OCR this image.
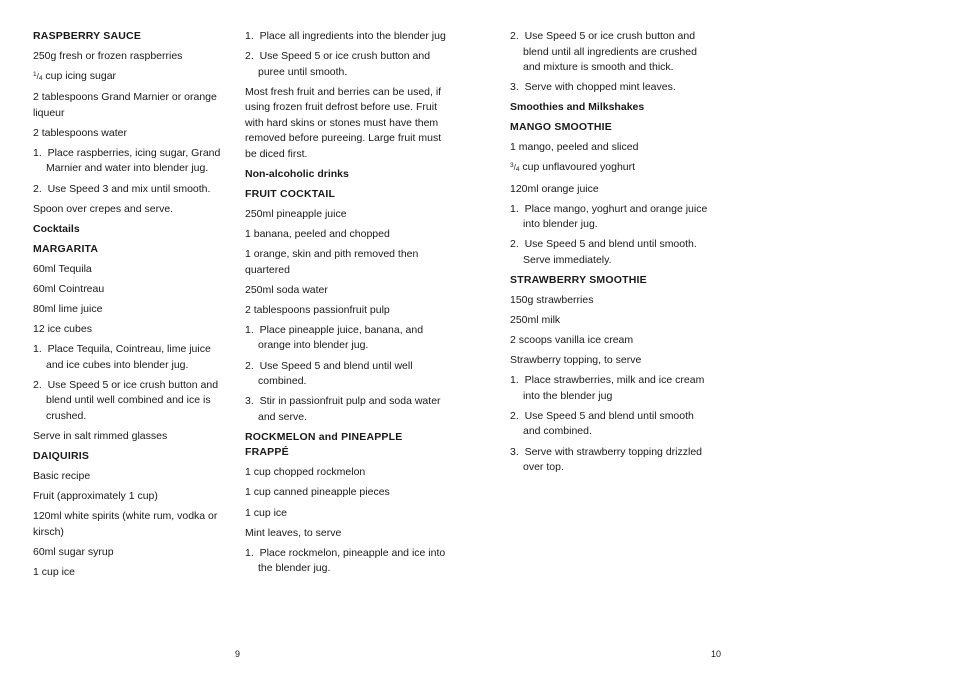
RASPBERRY SAUCE
250g fresh or frozen raspberries
1/4 cup icing sugar
2 tablespoons Grand Marnier or orange liqueur
2 tablespoons water
1.  Place raspberries, icing sugar, Grand Marnier and water into blender jug.
2.  Use Speed 3 and mix until smooth.
Spoon over crepes and serve.
Cocktails
MARGARITA
60ml Tequila
60ml Cointreau
80ml lime juice
12 ice cubes
1.  Place Tequila, Cointreau, lime juice and ice cubes into blender jug.
2.  Use Speed 5 or ice crush button and blend until well combined and ice is crushed.
Serve in salt rimmed glasses
DAIQUIRIS
Basic recipe
Fruit (approximately 1 cup)
120ml white spirits (white rum, vodka or kirsch)
60ml sugar syrup
1 cup ice
1.  Place all ingredients into the blender jug
2.  Use Speed 5 or ice crush button and puree until smooth.
Most fresh fruit and berries can be used, if using frozen fruit defrost before use. Fruit with hard skins or stones must have them removed before pureeing. Large fruit must be diced first.
Non-alcoholic drinks
FRUIT COCKTAIL
250ml pineapple juice
1 banana, peeled and chopped
1 orange, skin and pith removed then quartered
250ml soda water
2 tablespoons passionfruit pulp
1.  Place pineapple juice, banana, and orange into blender jug.
2.  Use Speed 5 and blend until well combined.
3.  Stir in passionfruit pulp and soda water and serve.
ROCKMELON and PINEAPPLE FRAPPÉ
1 cup chopped rockmelon
1 cup canned pineapple pieces
1 cup ice
Mint leaves, to serve
1.  Place rockmelon, pineapple and ice into the blender jug.
2.  Use Speed 5 or ice crush button and blend until all ingredients are crushed and mixture is smooth and thick.
3.  Serve with chopped mint leaves.
Smoothies and Milkshakes
MANGO SMOOTHIE
1 mango, peeled and sliced
3/4 cup unflavoured yoghurt
120ml orange juice
1.  Place mango, yoghurt and orange juice into blender jug.
2.  Use Speed 5 and blend until smooth. Serve immediately.
STRAWBERRY SMOOTHIE
150g strawberries
250ml milk
2 scoops vanilla ice cream
Strawberry topping, to serve
1.  Place strawberries, milk and ice cream into the blender jug
2.  Use Speed 5 and blend until smooth and combined.
3.  Serve with strawberry topping drizzled over top.
9	10
